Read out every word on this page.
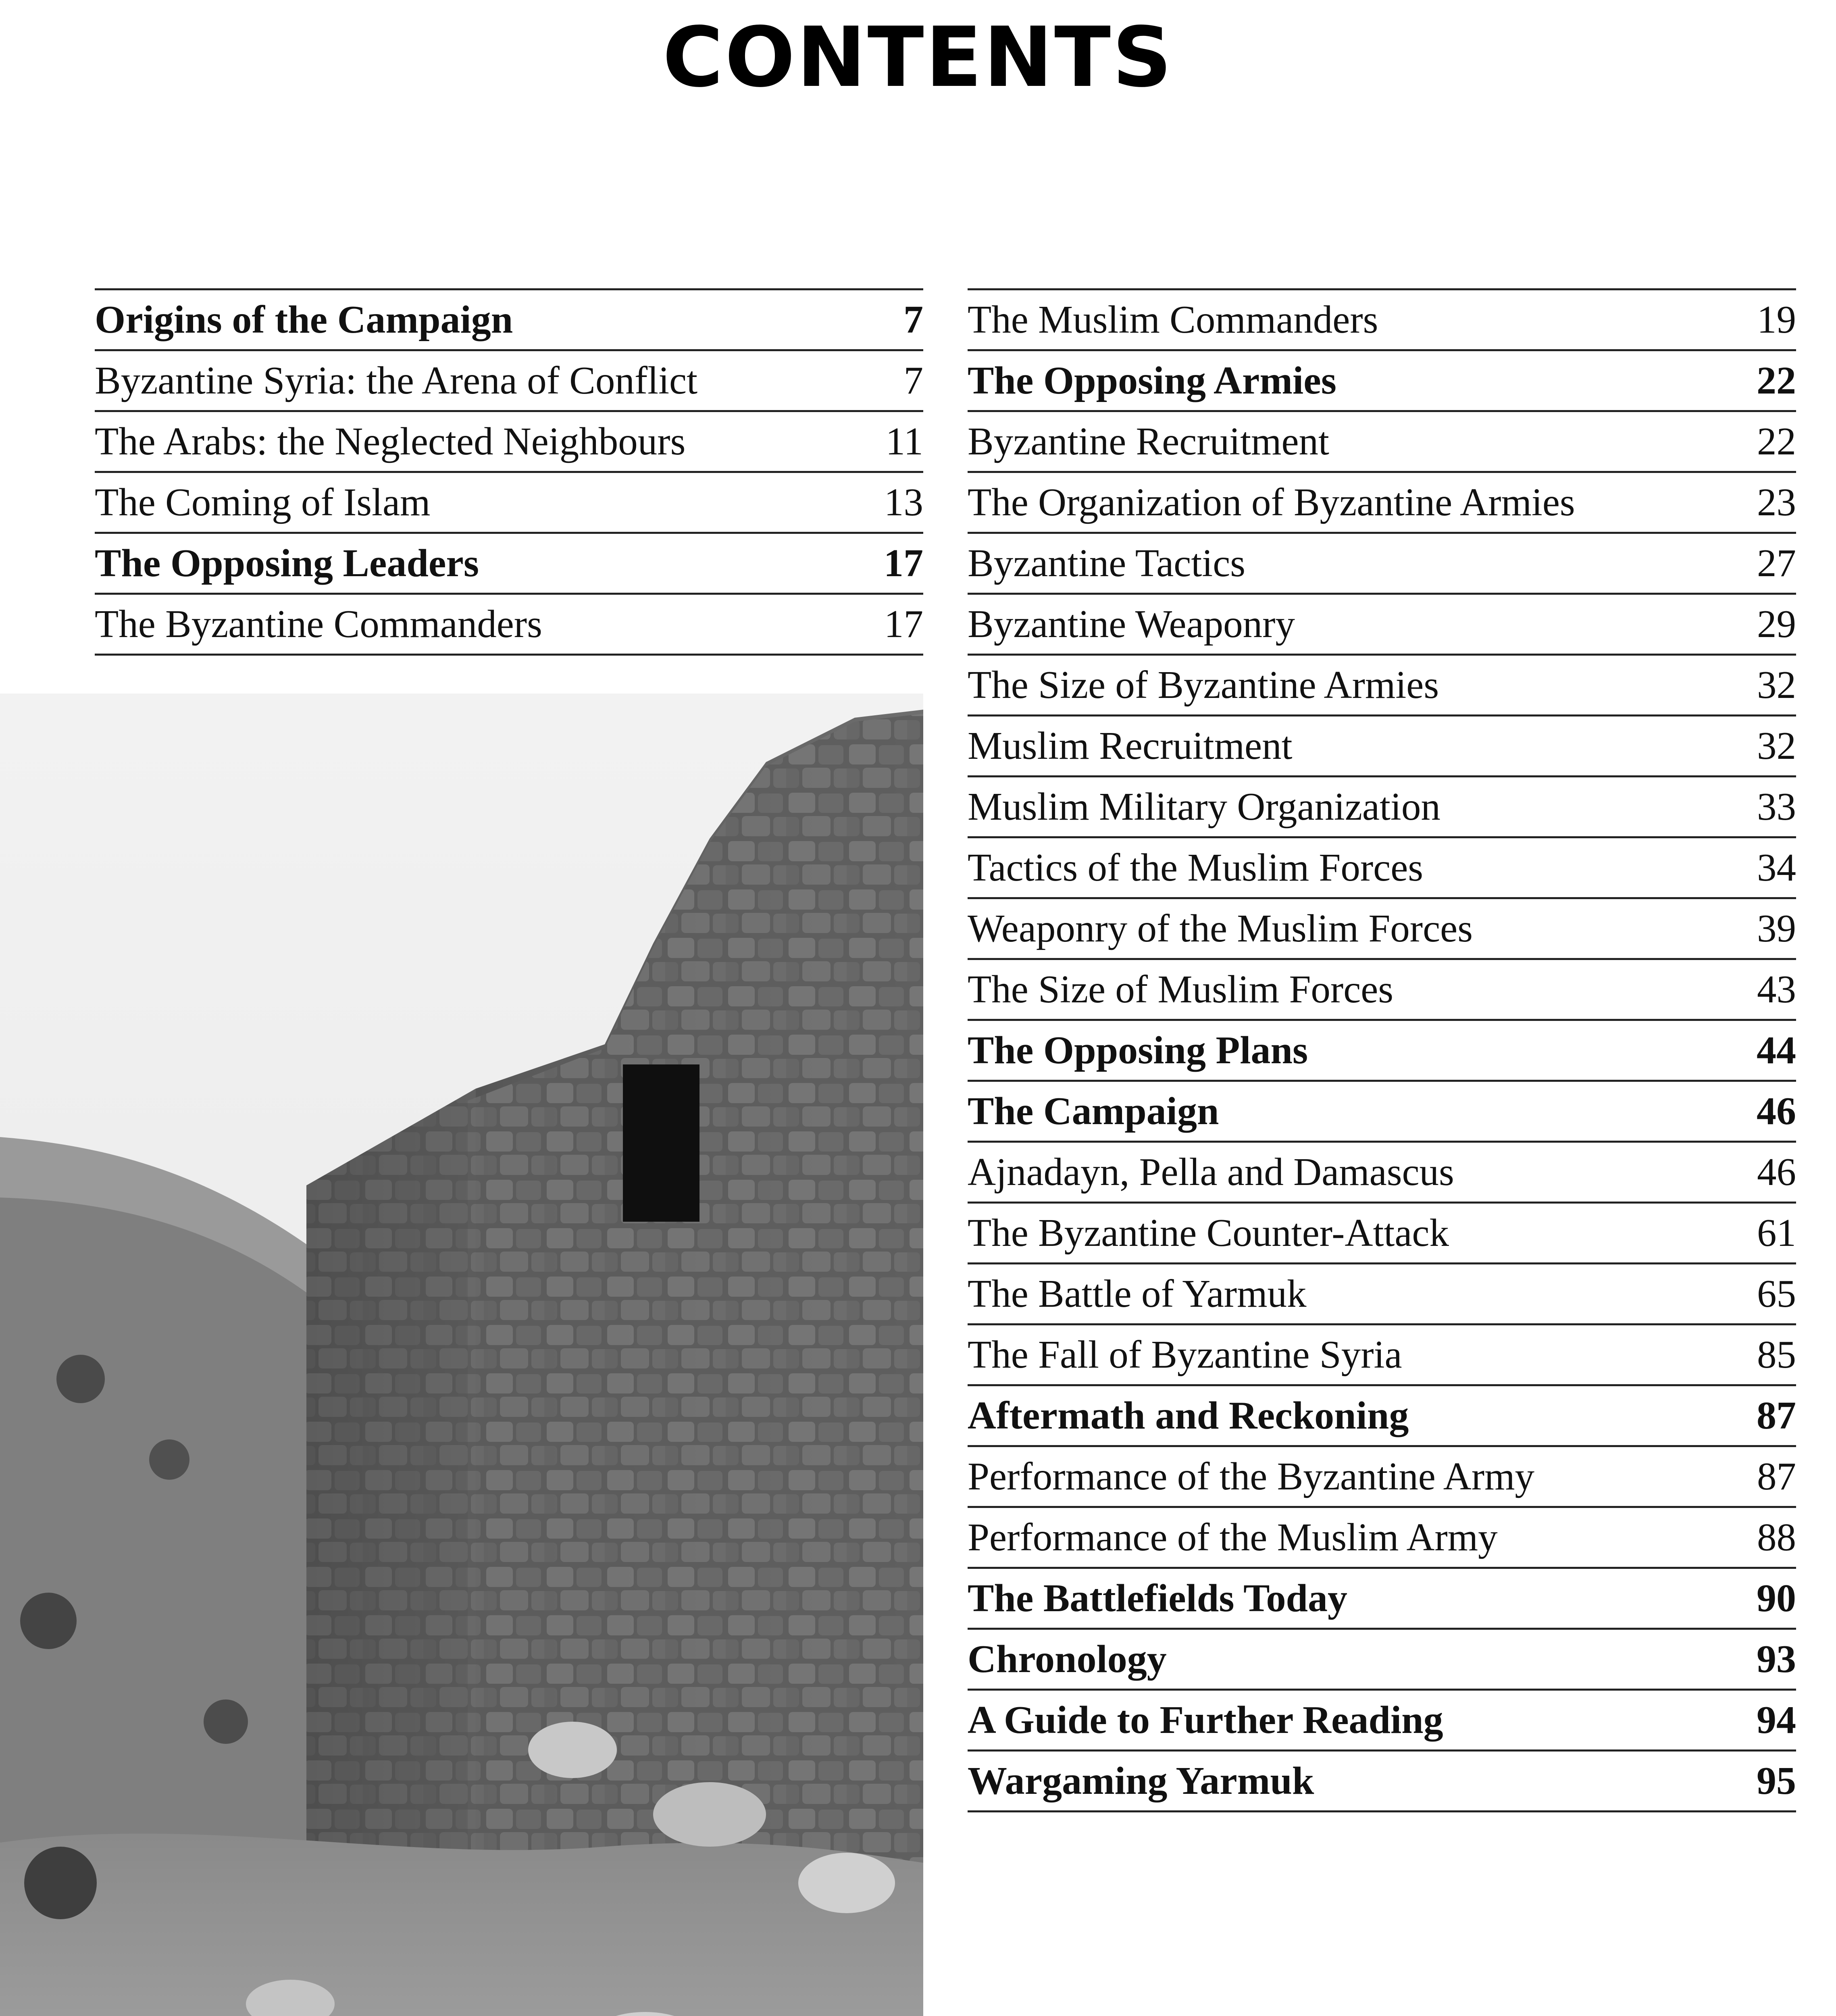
CONTENTS
Origins of the Campaign	7
Byzantine Syria: the Arena of Conflict	7
The Arabs: the Neglected Neighbours	11
The Coming of Islam	13
The Opposing Leaders	17
The Byzantine Commanders	17
The Muslim Commanders	19
The Opposing Armies	22
Byzantine Recruitment	22
The Organization of Byzantine Armies	23
Byzantine Tactics	27
Byzantine Weaponry	29
The Size of Byzantine Armies	32
Muslim Recruitment	32
Muslim Military Organization	33
Tactics of the Muslim Forces	34
Weaponry of the Muslim Forces	39
The Size of Muslim Forces	43
The Opposing Plans	44
The Campaign	46
Ajnadayn, Pella and Damascus	46
The Byzantine Counter-Attack	61
The Battle of Yarmuk	65
The Fall of Byzantine Syria	85
Aftermath and Reckoning	87
Performance of the Byzantine Army	87
Performance of the Muslim Army	88
The Battlefields Today	90
Chronology	93
A Guide to Further Reading	94
Wargaming Yarmuk	95
